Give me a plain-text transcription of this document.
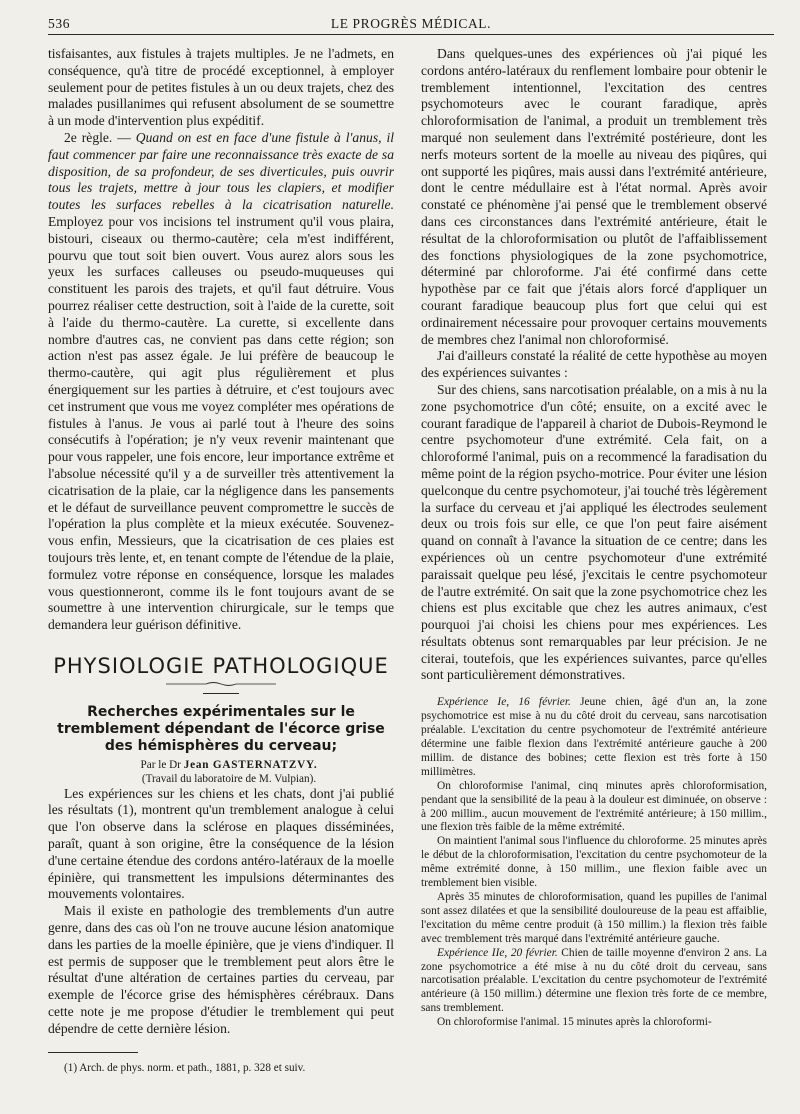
536	LE PROGRÈS MÉDICAL.

tisfaisantes, aux fistules à trajets multiples. Je ne l'admets, en conséquence, qu'à titre de procédé exceptionnel, à employer seulement pour de petites fistules à un ou deux trajets, chez des malades pusillanimes qui refusent absolument de se soumettre à un mode d'intervention plus expéditif.

2e règle. — Quand on est en face d'une fistule à l'anus, il faut commencer par faire une reconnaissance très exacte de sa disposition, de sa profondeur, de ses diverticules, puis ouvrir tous les trajets, mettre à jour tous les clapiers, et modifier toutes les surfaces rebelles à la cicatrisation naturelle. Employez pour vos incisions tel instrument qu'il vous plaira, bistouri, ciseaux ou thermo-cautère; cela m'est indifférent, pourvu que tout soit bien ouvert. Vous aurez alors sous les yeux les surfaces calleuses ou pseudo-muqueuses qui constituent les parois des trajets, et qu'il faut détruire. Vous pourrez réaliser cette destruction, soit à l'aide de la curette, soit à l'aide du thermo-cautère. La curette, si excellente dans nombre d'autres cas, ne convient pas dans cette région; son action n'est pas assez égale. Je lui préfère de beaucoup le thermo-cautère, qui agit plus régulièrement et plus énergiquement sur les parties à détruire, et c'est toujours avec cet instrument que vous me voyez compléter mes opérations de fistules à l'anus. Je vous ai parlé tout à l'heure des soins consécutifs à l'opération; je n'y veux revenir maintenant que pour vous rappeler, une fois encore, leur importance extrême et l'absolue nécessité qu'il y a de surveiller très attentivement la cicatrisation de la plaie, car la négligence dans les pansements et le défaut de surveillance peuvent compromettre le succès de l'opération la plus complète et la mieux exécutée. Souvenez-vous enfin, Messieurs, que la cicatrisation de ces plaies est toujours très lente, et, en tenant compte de l'étendue de la plaie, formulez votre réponse en conséquence, lorsque les malades vous questionneront, comme ils le font toujours avant de se soumettre à une intervention chirurgicale, sur le temps que demandera leur guérison définitive.

PHYSIOLOGIE PATHOLOGIQUE
Recherches expérimentales sur le tremblement dépendant de l'écorce grise des hémisphères du cerveau;

Par le Dr Jean GASTERNATZVY.

(Travail du laboratoire de M. Vulpian).

Les expériences sur les chiens et les chats, dont j'ai publié les résultats (1), montrent qu'un tremblement analogue à celui que l'on observe dans la sclérose en plaques disséminées, paraît, quant à son origine, être la conséquence de la lésion d'une certaine étendue des cordons antéro-latéraux de la moelle épinière, qui transmettent les impulsions déterminantes des mouvements volontaires.

Mais il existe en pathologie des tremblements d'un autre genre, dans des cas où l'on ne trouve aucune lésion anatomique dans les parties de la moelle épinière, que je viens d'indiquer. Il est permis de supposer que le tremblement peut alors être le résultat d'une altération de certaines parties du cerveau, par exemple de l'écorce grise des hémisphères cérébraux. Dans cette note je me propose d'étudier le tremblement qui peut dépendre de cette dernière lésion.

(1) Arch. de phys. norm. et path., 1881, p. 328 et suiv.

Dans quelques-unes des expériences où j'ai piqué les cordons antéro-latéraux du renflement lombaire pour obtenir le tremblement intentionnel, l'excitation des centres psychomoteurs avec le courant faradique, après chloroformisation de l'animal, a produit un tremblement très marqué non seulement dans l'extrémité postérieure, dont les nerfs moteurs sortent de la moelle au niveau des piqûres, qui ont supporté les piqûres, mais aussi dans l'extrémité antérieure, dont le centre médullaire est à l'état normal. Après avoir constaté ce phénomène j'ai pensé que le tremblement observé dans ces circonstances dans l'extrémité antérieure, était le résultat de la chloroformisation ou plutôt de l'affaiblissement des fonctions physiologiques de la zone psychomotrice, déterminé par chloroforme. J'ai été confirmé dans cette hypothèse par ce fait que j'étais alors forcé d'appliquer un courant faradique beaucoup plus fort que celui qui est ordinairement nécessaire pour provoquer certains mouvements de membres chez l'animal non chloroformisé.

J'ai d'ailleurs constaté la réalité de cette hypothèse au moyen des expériences suivantes :

Sur des chiens, sans narcotisation préalable, on a mis à nu la zone psychomotrice d'un côté; ensuite, on a excité avec le courant faradique de l'appareil à chariot de Dubois-Reymond le centre psychomoteur d'une extrémité. Cela fait, on a chloroformé l'animal, puis on a recommencé la faradisation du même point de la région psycho-motrice. Pour éviter une lésion quelconque du centre psychomoteur, j'ai touché très légèrement la surface du cerveau et j'ai appliqué les électrodes seulement deux ou trois fois sur elle, ce que l'on peut faire aisément quand on connaît à l'avance la situation de ce centre; dans les expériences où un centre psychomoteur d'une extrémité paraissait quelque peu lésé, j'excitais le centre psychomoteur de l'autre extrémité. On sait que la zone psychomotrice chez les chiens est plus excitable que chez les autres animaux, c'est pourquoi j'ai choisi les chiens pour mes expériences. Les résultats obtenus sont remarquables par leur précision. Je ne citerai, toutefois, que les expériences suivantes, parce qu'elles sont particulièrement démonstratives.

Expérience Ie, 16 février. Jeune chien, âgé d'un an, la zone psychomotrice est mise à nu du côté droit du cerveau, sans narcotisation préalable. L'excitation du centre psychomoteur de l'extrémité antérieure détermine une faible flexion dans l'extrémité antérieure gauche à 200 millim. de distance des bobines; cette flexion est très forte à 150 millimètres.

On chloroformise l'animal, cinq minutes après chloroformisation, pendant que la sensibilité de la peau à la douleur est diminuée, on observe : à 200 millim., aucun mouvement de l'extrémité antérieure; à 150 millim., une flexion très faible de la même extrémité.

On maintient l'animal sous l'influence du chloroforme. 25 minutes après le début de la chloroformisation, l'excitation du centre psychomoteur de la même extrémité donne, à 150 millim., une flexion faible avec un tremblement bien visible.

Après 35 minutes de chloroformisation, quand les pupilles de l'animal sont assez dilatées et que la sensibilité douloureuse de la peau est affaiblie, l'excitation du même centre produit (à 150 millim.) la flexion très faible avec tremblement très marqué dans l'extrémité antérieure gauche.

Expérience IIe, 20 février. Chien de taille moyenne d'environ 2 ans. La zone psychomotrice a été mise à nu du côté droit du cerveau, sans narcotisation préalable. L'excitation du centre psychomoteur de l'extrémité antérieure (à 150 millim.) détermine une flexion très forte de ce membre, sans tremblement.

On chloroformise l'animal. 15 minutes après la chloroformi-
